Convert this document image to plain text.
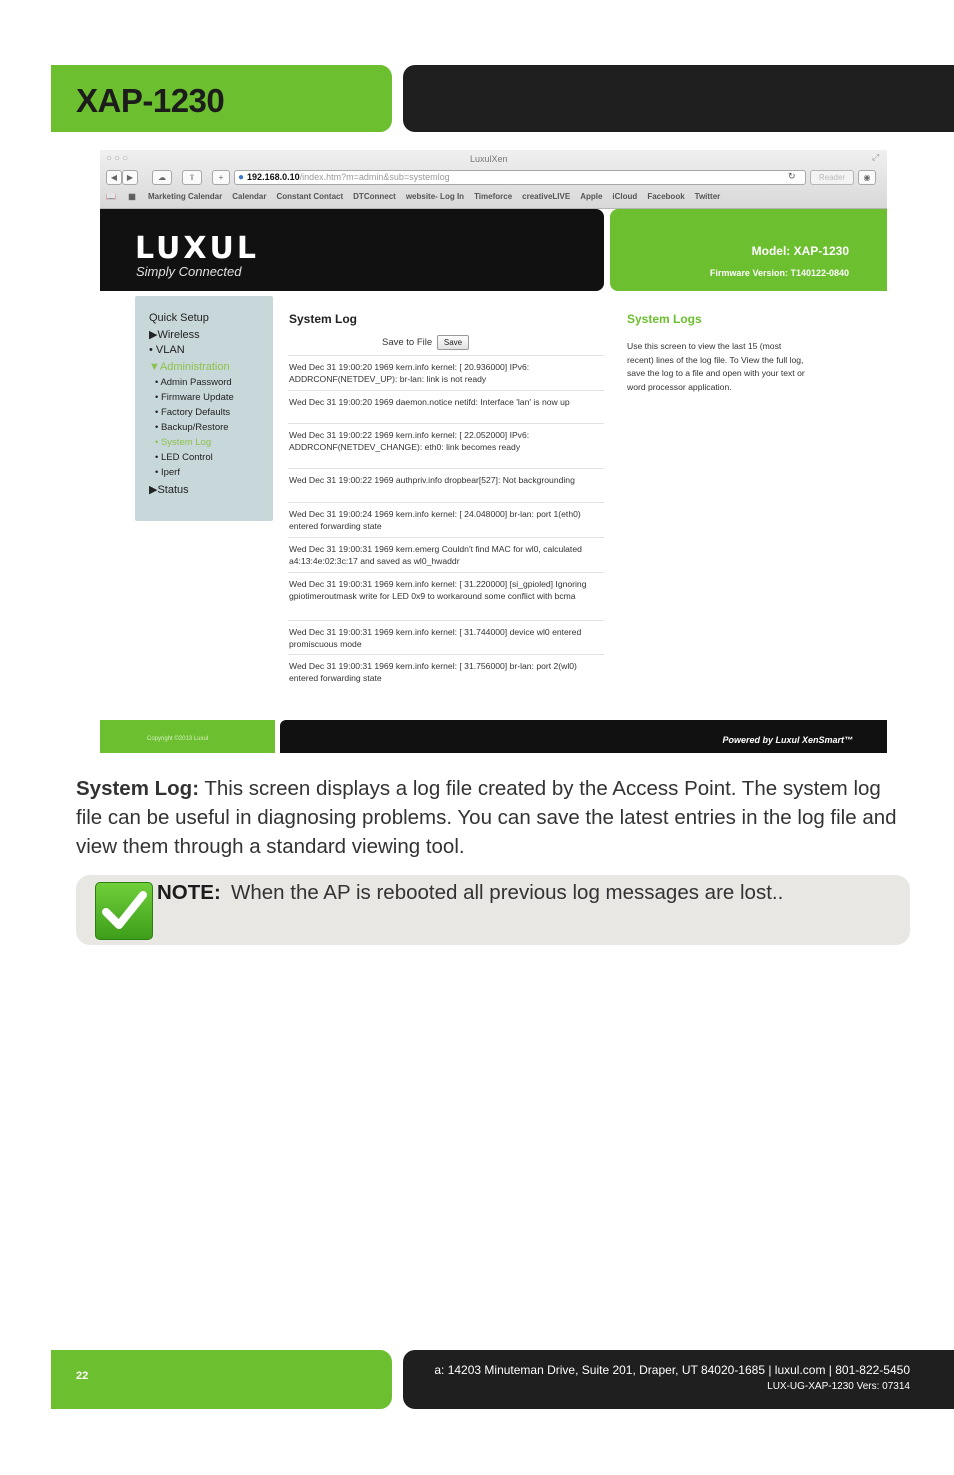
XAP-1230
○○○	LuxulXen	⤢
◀	▶	☁	⇪	+	● 192.168.0.10/index.htm?m=admin&sub=systemlog	↻	Reader	◉
📖 ▦ Marketing Calendar Calendar Constant Contact DTConnect website- Log In Timeforce creativeLIVE Apple iCloud Facebook Twitter
LUXUL
Simply Connected
Model: XAP-1230
Firmware Version: T140122-0840
Quick Setup
▶Wireless
• VLAN
▼Administration
• Admin Password
• Firmware Update
• Factory Defaults
• Backup/Restore
• System Log
• LED Control
• Iperf
▶Status
System Log
Save to File	Save
Wed Dec 31 19:00:20 1969 kern.info kernel: [ 20.936000] IPv6: ADDRCONF(NETDEV_UP): br-lan: link is not ready
Wed Dec 31 19:00:20 1969 daemon.notice netifd: Interface 'lan' is now up
Wed Dec 31 19:00:22 1969 kern.info kernel: [ 22.052000] IPv6: ADDRCONF(NETDEV_CHANGE): eth0: link becomes ready
Wed Dec 31 19:00:22 1969 authpriv.info dropbear[527]: Not backgrounding
Wed Dec 31 19:00:24 1969 kern.info kernel: [ 24.048000] br-lan: port 1(eth0) entered forwarding state
Wed Dec 31 19:00:31 1969 kern.emerg Couldn't find MAC for wl0, calculated a4:13:4e:02:3c:17 and saved as wl0_hwaddr
Wed Dec 31 19:00:31 1969 kern.info kernel: [ 31.220000] [si_gpioled] Ignoring gpiotimeroutmask write for LED 0x9 to workaround some conflict with bcma
Wed Dec 31 19:00:31 1969 kern.info kernel: [ 31.744000] device wl0 entered promiscuous mode
Wed Dec 31 19:00:31 1969 kern.info kernel: [ 31.756000] br-lan: port 2(wl0) entered forwarding state
System Logs
Use this screen to view the last 15 (most recent) lines of the log file. To View the full log, save the log to a file and open with your text or word processor application.
Copyright ©2013 Luxul	Powered by Luxul XenSmart™
System Log: This screen displays a log file created by the Access Point. The system log file can be useful in diagnosing problems. You can save the latest entries in the log file and view them through a standard viewing tool.
NOTE: When the AP is rebooted all previous log messages are lost..
22	a: 14203 Minuteman Drive, Suite 201, Draper, UT 84020-1685 | luxul.com | 801-822-5450
LUX-UG-XAP-1230 Vers: 07314
